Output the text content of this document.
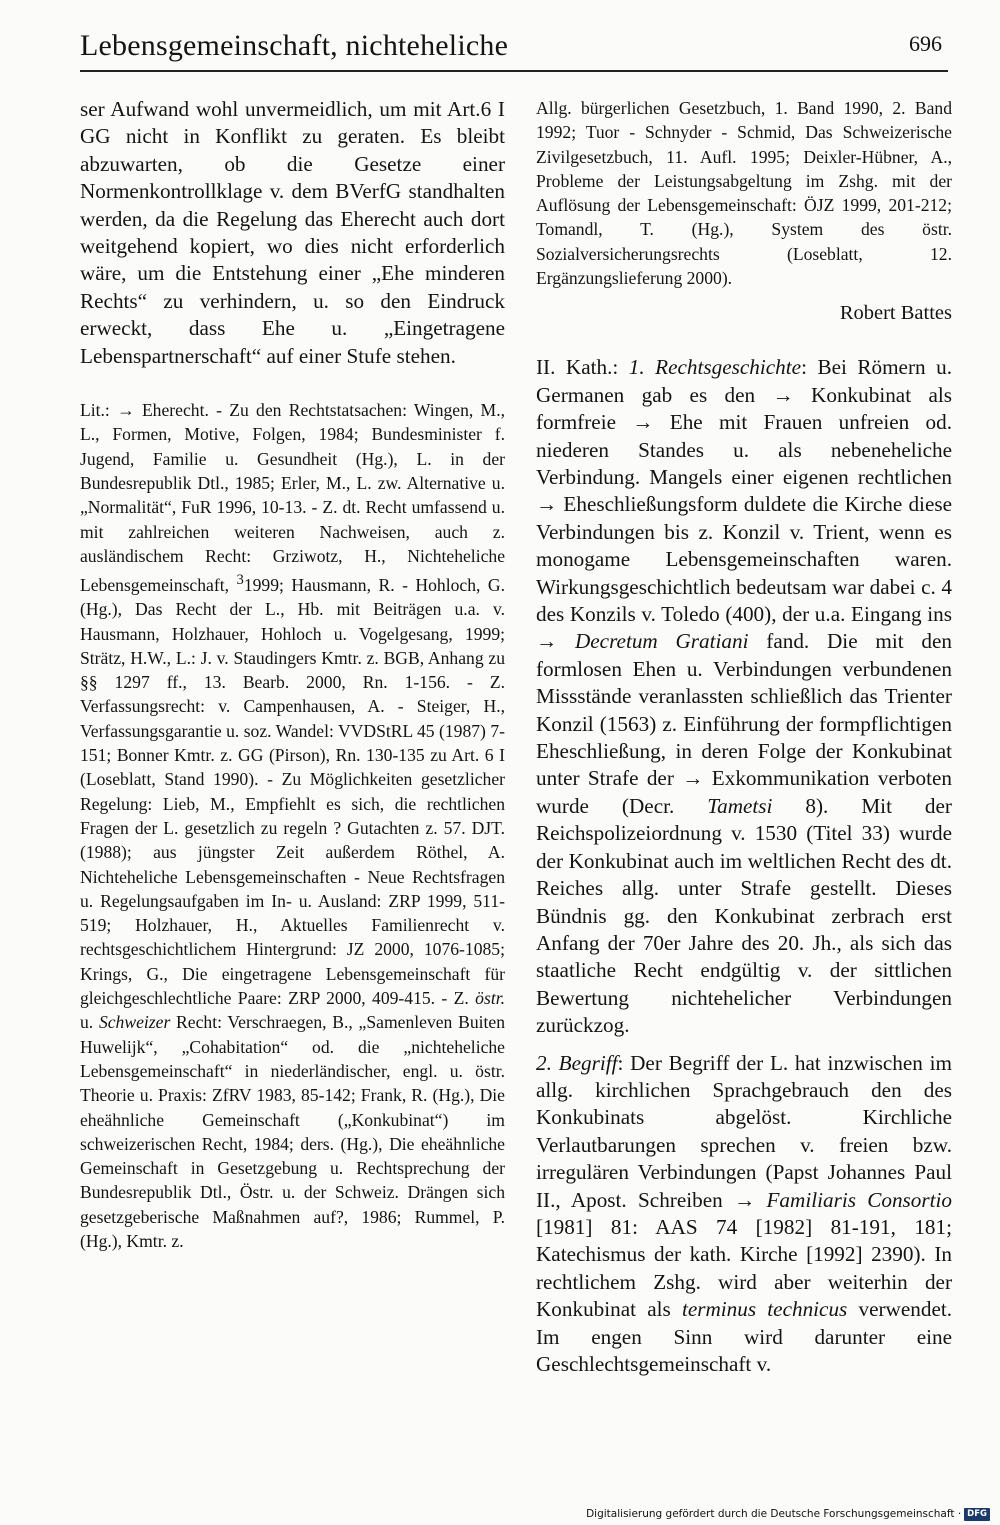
Lebensgemeinschaft, nichteheliche	696

ser Aufwand wohl unvermeidlich, um mit Art.6 I GG nicht in Konflikt zu geraten. Es bleibt abzuwarten, ob die Gesetze einer Normenkontrollklage v. dem BVerfG standhalten werden, da die Regelung das Eherecht auch dort weitgehend kopiert, wo dies nicht erforderlich wäre, um die Entstehung einer „Ehe minderen Rechts“ zu verhindern, u. so den Eindruck erweckt, dass Ehe u. „Eingetragene Lebenspartnerschaft“ auf einer Stufe stehen.

Lit.: → Eherecht. - Zu den Rechtstatsachen: Wingen, M., L., Formen, Motive, Folgen, 1984; Bundesminister f. Jugend, Familie u. Gesundheit (Hg.), L. in der Bundesrepublik Dtl., 1985; Erler, M., L. zw. Alternative u. „Normalität“, FuR 1996, 10-13. - Z. dt. Recht umfassend u. mit zahlreichen weiteren Nachweisen, auch z. ausländischem Recht: Grziwotz, H., Nichteheliche Lebensgemeinschaft, $^3$1999; Hausmann, R. - Hohloch, G. (Hg.), Das Recht der L., Hb. mit Beiträgen u.a. v. Hausmann, Holzhauer, Hohloch u. Vogelgesang, 1999; Strätz, H.W., L.: J. v. Staudingers Kmtr. z. BGB, Anhang zu §§ 1297 ff., 13. Bearb. 2000, Rn. 1-156. - Z. Verfassungsrecht: v. Campenhausen, A. - Steiger, H., Verfassungsgarantie u. soz. Wandel: VVDStRL 45 (1987) 7-151; Bonner Kmtr. z. GG (Pirson), Rn. 130-135 zu Art. 6 I (Loseblatt, Stand 1990). - Zu Möglichkeiten gesetzlicher Regelung: Lieb, M., Empfiehlt es sich, die rechtlichen Fragen der L. gesetzlich zu regeln ? Gutachten z. 57. DJT. (1988); aus jüngster Zeit außerdem Röthel, A. Nichteheliche Lebensgemeinschaften - Neue Rechtsfragen u. Regelungsaufgaben im In- u. Ausland: ZRP 1999, 511-519; Holzhauer, H., Aktuelles Familienrecht v. rechtsgeschichtlichem Hintergrund: JZ 2000, 1076-1085; Krings, G., Die eingetragene Lebensgemeinschaft für gleichgeschlechtliche Paare: ZRP 2000, 409-415. - Z. östr. u. Schweizer Recht: Verschraegen, B., „Samenleven Buiten Huwelijk“, „Cohabitation“ od. die „nichteheliche Lebensgemeinschaft“ in niederländischer, engl. u. östr. Theorie u. Praxis: ZfRV 1983, 85-142; Frank, R. (Hg.), Die eheähnliche Gemeinschaft („Konkubinat“) im schweizerischen Recht, 1984; ders. (Hg.), Die eheähnliche Gemeinschaft in Gesetzgebung u. Rechtsprechung der Bundesrepublik Dtl., Östr. u. der Schweiz. Drängen sich gesetzgeberische Maßnahmen auf?, 1986; Rummel, P. (Hg.), Kmtr. z.

Allg. bürgerlichen Gesetzbuch, 1. Band 1990, 2. Band 1992; Tuor - Schnyder - Schmid, Das Schweizerische Zivilgesetzbuch, 11. Aufl. 1995; Deixler-Hübner, A., Probleme der Leistungsabgeltung im Zshg. mit der Auflösung der Lebensgemeinschaft: ÖJZ 1999, 201-212; Tomandl, T. (Hg.), System des östr. Sozialversicherungsrechts (Loseblatt, 12. Ergänzungslieferung 2000).

Robert Battes

II. Kath.: 1. Rechtsgeschichte: Bei Römern u. Germanen gab es den → Konkubinat als formfreie → Ehe mit Frauen unfreien od. niederen Standes u. als nebeneheliche Verbindung. Mangels einer eigenen rechtlichen → Eheschließungsform duldete die Kirche diese Verbindungen bis z. Konzil v. Trient, wenn es monogame Lebensgemeinschaften waren. Wirkungsgeschichtlich bedeutsam war dabei c. 4 des Konzils v. Toledo (400), der u.a. Eingang ins → Decretum Gratiani fand. Die mit den formlosen Ehen u. Verbindungen verbundenen Missstände veranlassten schließlich das Trienter Konzil (1563) z. Einführung der formpflichtigen Eheschließung, in deren Folge der Konkubinat unter Strafe der → Exkommunikation verboten wurde (Decr. Tametsi 8). Mit der Reichspolizeiordnung v. 1530 (Titel 33) wurde der Konkubinat auch im weltlichen Recht des dt. Reiches allg. unter Strafe gestellt. Dieses Bündnis gg. den Konkubinat zerbrach erst Anfang der 70er Jahre des 20. Jh., als sich das staatliche Recht endgültig v. der sittlichen Bewertung nichtehelicher Verbindungen zurückzog.

2. Begriff: Der Begriff der L. hat inzwischen im allg. kirchlichen Sprachgebrauch den des Konkubinats abgelöst. Kirchliche Verlautbarungen sprechen v. freien bzw. irregulären Verbindungen (Papst Johannes Paul II., Apost. Schreiben → Familiaris Consortio [1981] 81: AAS 74 [1982] 81-191, 181; Katechismus der kath. Kirche [1992] 2390). In rechtlichem Zshg. wird aber weiterhin der Konkubinat als terminus technicus verwendet. Im engen Sinn wird darunter eine Geschlechtsgemeinschaft v.

Digitalisierung gefördert durch die Deutsche Forschungsgemeinschaft · DFG
